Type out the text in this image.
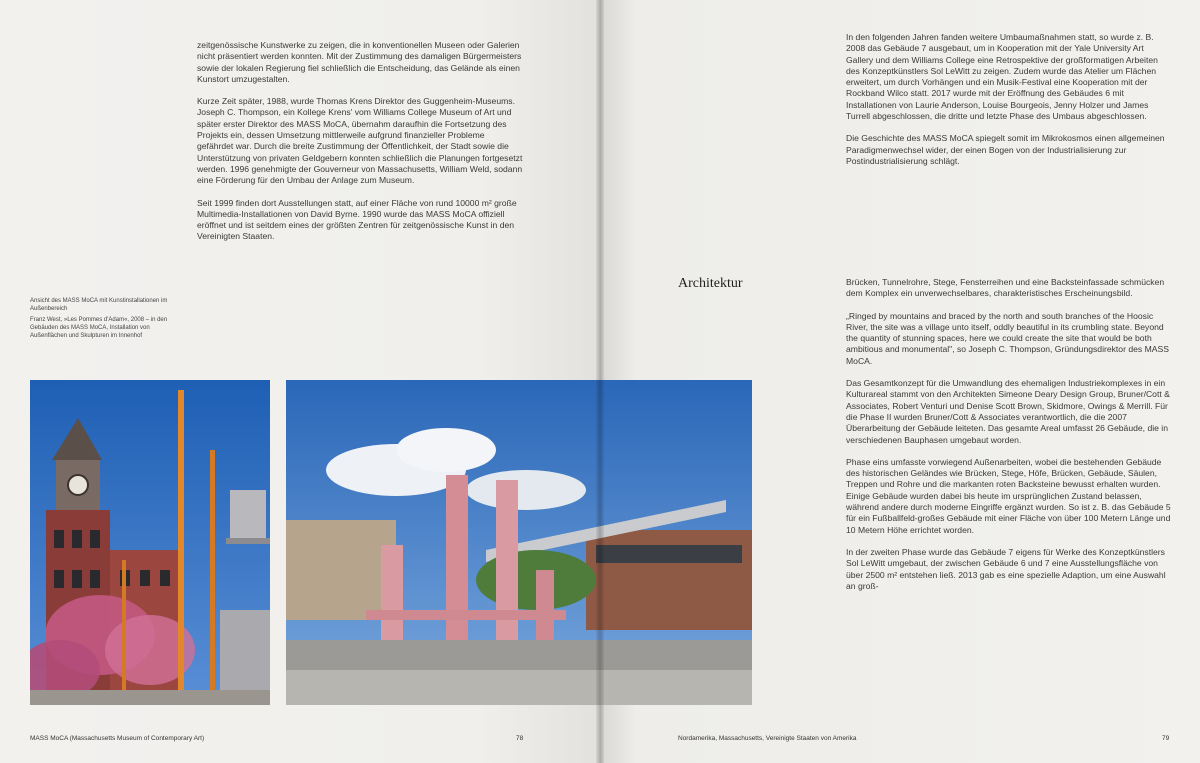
zeitgenössische Kunstwerke zu zeigen, die in konventionellen Museen oder Galerien nicht präsentiert werden konnten. Mit der Zustimmung des damaligen Bürgermeisters sowie der lokalen Regierung fiel schließlich die Entscheidung, das Gelände als einen Kunstort umzugestalten.

Kurze Zeit später, 1988, wurde Thomas Krens Direktor des Guggenheim-Museums. Joseph C. Thompson, ein Kollege Krens' vom Williams College Museum of Art und später erster Direktor des MASS MoCA, übernahm daraufhin die Fortsetzung des Projekts ein, dessen Umsetzung mittlerweile aufgrund finanzieller Probleme gefährdet war. Durch die breite Zustimmung der Öffentlichkeit, der Stadt sowie die Unterstützung von privaten Geldgebern konnten schließlich die Planungen fortgesetzt werden. 1996 genehmigte der Gouverneur von Massachusetts, William Weld, sodann eine Förderung für den Umbau der Anlage zum Museum.

Seit 1999 finden dort Ausstellungen statt, auf einer Fläche von rund 10000 m² große Multimedia-Installationen von David Byrne. 1990 wurde das MASS MoCA offiziell eröffnet und ist seitdem eines der größten Zentren für zeitgenössische Kunst in den Vereinigten Staaten.

Ansicht des MASS MoCA mit Kunstinstallationen im Außenbereich

Franz West, »Les Pommes d'Adam«, 2008 – in den Gebäuden des MASS MoCA, Installation von Außenflächen und Skulpturen im Innenhof

In den folgenden Jahren fanden weitere Umbaumaßnahmen statt, so wurde z. B. 2008 das Gebäude 7 ausgebaut, um in Kooperation mit der Yale University Art Gallery und dem Williams College eine Retrospektive der großformatigen Arbeiten des Konzeptkünstlers Sol LeWitt zu zeigen. Zudem wurde das Atelier um Flächen erweitert, um durch Vorhängen und ein Musik-Festival eine Kooperation mit der Rockband Wilco statt. 2017 wurde mit der Eröffnung des Gebäudes 6 mit Installationen von Laurie Anderson, Louise Bourgeois, Jenny Holzer und James Turrell abgeschlossen, die dritte und letzte Phase des Umbaus abgeschlossen.

Die Geschichte des MASS MoCA spiegelt somit im Mikrokosmos einen allgemeinen Paradigmenwechsel wider, der einen Bogen von der Industrialisierung zur Postindustrialisierung schlägt.

Architektur	Brücken, Tunnelrohre, Stege, Fensterreihen und eine Backsteinfassade schmücken dem Komplex ein unverwechselbares, charakteristisches Erscheinungsbild.

„Ringed by mountains and braced by the north and south branches of the Hoosic River, the site was a village unto itself, oddly beautiful in its crumbling state. Beyond the quantity of stunning spaces, here we could create the site that would be both ambitious and monumental", so Joseph C. Thompson, Gründungsdirektor des MASS MoCA.

Das Gesamtkonzept für die Umwandlung des ehemaligen Industriekomplexes in ein Kulturareal stammt von den Architekten Simeone Deary Design Group, Bruner/Cott & Associates, Robert Venturi und Denise Scott Brown, Skidmore, Owings & Merrill. Für die Phase II wurden Bruner/Cott & Associates verantwortlich, die die 2007 Überarbeitung der Gebäude leiteten. Das gesamte Areal umfasst 26 Gebäude, die in verschiedenen Bauphasen umgebaut worden.

Phase eins umfasste vorwiegend Außenarbeiten, wobei die bestehenden Gebäude des historischen Geländes wie Brücken, Stege, Höfe, Brücken, Gebäude, Säulen, Treppen und Rohre und die markanten roten Backsteine bewusst erhalten wurden. Einige Gebäude wurden dabei bis heute im ursprünglichen Zustand belassen, während andere durch moderne Eingriffe ergänzt wurden. So ist z. B. das Gebäude 5 für ein Fußballfeld-großes Gebäude mit einer Fläche von über 100 Metern Länge und 10 Metern Höhe errichtet worden.

In der zweiten Phase wurde das Gebäude 7 eigens für Werke des Konzeptkünstlers Sol LeWitt umgebaut, der zwischen Gebäude 6 und 7 eine Ausstellungsfläche von über 2500 m² entstehen ließ. 2013 gab es eine spezielle Adaption, um eine Auswahl an groß-

MASS MoCA (Massachusetts Museum of Contemporary Art)	78	Nordamerika, Massachusetts, Vereinigte Staaten von Amerika	79
